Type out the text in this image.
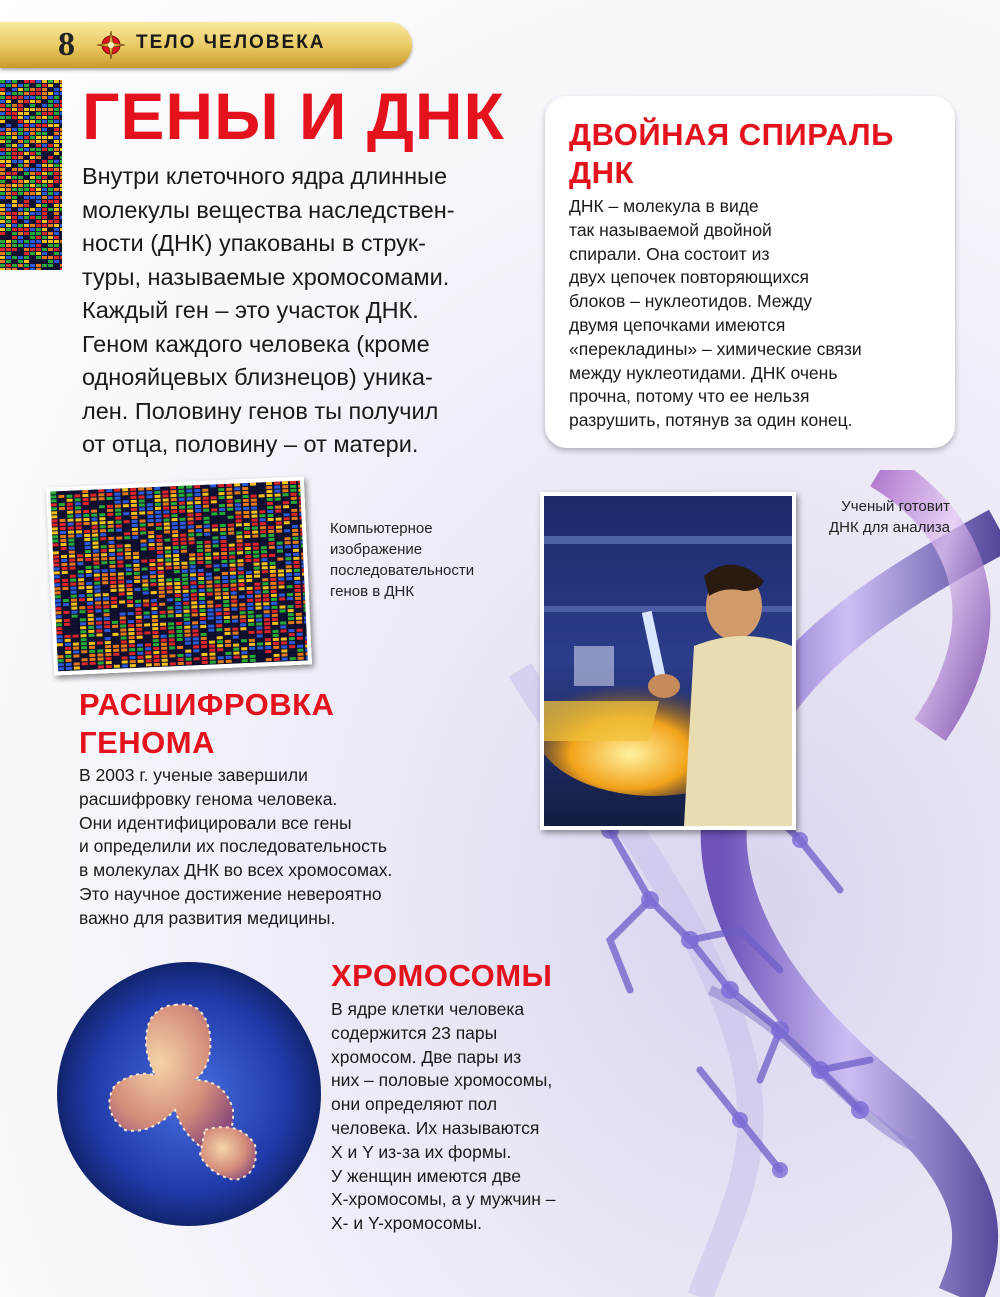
8	ТЕЛО ЧЕЛОВЕКА
ГЕНЫ И ДНК
Внутри клеточного ядра длинные
молекулы вещества наследствен-
ности (ДНК) упакованы в струк-
туры, называемые хромосомами.
Каждый ген – это участок ДНК.
Геном каждого человека (кроме
однояйцевых близнецов) уника-
лен. Половину генов ты получил
от отца, половину – от матери.
ДВОЙНАЯ СПИРАЛЬ
ДНК
ДНК – молекула в виде
так называемой двойной
спирали. Она состоит из
двух цепочек повторяющихся
блоков – нуклеотидов. Между
двумя цепочками имеются
«перекладины» – химические связи
между нуклеотидами. ДНК очень
прочна, потому что ее нельзя
разрушить, потянув за один конец.
Компьютерное
изображение
последовательности
генов в ДНК
Ученый готовит
ДНК для анализа
РАСШИФРОВКА
ГЕНОМА
В 2003 г. ученые завершили
расшифровку генома человека.
Они идентифицировали все гены
и определили их последовательность
в молекулах ДНК во всех хромосомах.
Это научное достижение невероятно
важно для развития медицины.
ХРОМОСОМЫ
В ядре клетки человека
содержится 23 пары
хромосом. Две пары из
них – половые хромосомы,
они определяют пол
человека. Их называются
X и Y из-за их формы.
У женщин имеются две
Х-хромосомы, а у мужчин –
Х- и Y-хромосомы.
